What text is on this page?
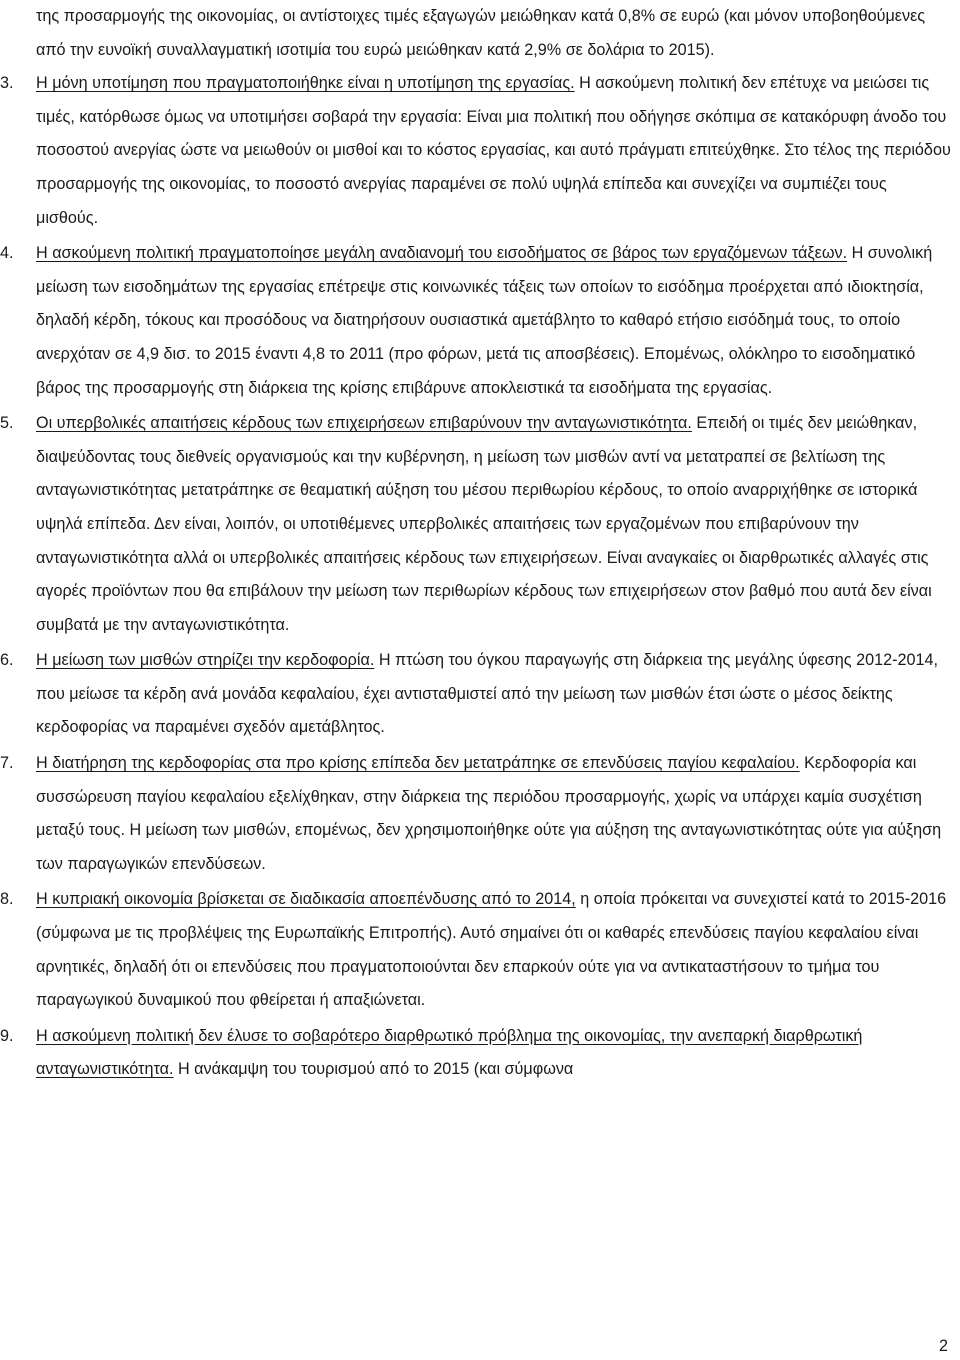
της προσαρμογής της οικονομίας, οι αντίστοιχες τιμές εξαγωγών μειώθηκαν κατά 0,8% σε ευρώ (και μόνον υποβοηθούμενες από την ευνοϊκή συναλλαγματική ισοτιμία του ευρώ μειώθηκαν κατά 2,9% σε δολάρια το 2015).

3.	Η μόνη υποτίμηση που πραγματοποιήθηκε είναι η υποτίμηση της εργασίας. Η ασκούμενη πολιτική δεν επέτυχε να μειώσει τις τιμές, κατόρθωσε όμως να υποτιμήσει σοβαρά την εργασία: Είναι μια πολιτική που οδήγησε σκόπιμα σε κατακόρυφη άνοδο του ποσοστού ανεργίας ώστε να μειωθούν οι μισθοί και το κόστος εργασίας, και αυτό πράγματι επιτεύχθηκε. Στο τέλος της περιόδου προσαρμογής της οικονομίας, το ποσοστό ανεργίας παραμένει σε πολύ υψηλά επίπεδα και συνεχίζει να συμπιέζει τους μισθούς.
4.	Η ασκούμενη πολιτική πραγματοποίησε μεγάλη αναδιανομή του εισοδήματος σε βάρος των εργαζόμενων τάξεων. Η συνολική μείωση των εισοδημάτων της εργασίας επέτρεψε στις κοινωνικές τάξεις των οποίων το εισόδημα προέρχεται από ιδιοκτησία, δηλαδή κέρδη, τόκους και προσόδους να διατηρήσουν ουσιαστικά αμετάβλητο το καθαρό ετήσιο εισόδημά τους, το οποίο ανερχόταν σε 4,9 δισ. το 2015 έναντι 4,8 το 2011 (προ φόρων, μετά τις αποσβέσεις). Επομένως, ολόκληρο το εισοδηματικό βάρος της προσαρμογής στη διάρκεια της κρίσης επιβάρυνε αποκλειστικά τα εισοδήματα της εργασίας.
5.	Οι υπερβολικές απαιτήσεις κέρδους των επιχειρήσεων επιβαρύνουν την ανταγωνιστικότητα. Επειδή οι τιμές δεν μειώθηκαν, διαψεύδοντας τους διεθνείς οργανισμούς και την κυβέρνηση, η μείωση των μισθών αντί να μετατραπεί σε βελτίωση της ανταγωνιστικότητας μετατράπηκε σε θεαματική αύξηση του μέσου περιθωρίου κέρδους, το οποίο αναρριχήθηκε σε ιστορικά υψηλά επίπεδα. Δεν είναι, λοιπόν, οι υποτιθέμενες υπερβολικές απαιτήσεις των εργαζομένων που επιβαρύνουν την ανταγωνιστικότητα αλλά οι υπερβολικές απαιτήσεις κέρδους των επιχειρήσεων. Είναι αναγκαίες οι διαρθρωτικές αλλαγές στις αγορές προϊόντων που θα επιβάλουν την μείωση των περιθωρίων κέρδους των επιχειρήσεων στον βαθμό που αυτά δεν είναι συμβατά με την ανταγωνιστικότητα.
6.	Η μείωση των μισθών στηρίζει την κερδοφορία. Η πτώση του όγκου παραγωγής στη διάρκεια της μεγάλης ύφεσης 2012-2014, που μείωσε τα κέρδη ανά μονάδα κεφαλαίου, έχει αντισταθμιστεί από την μείωση των μισθών έτσι ώστε ο μέσος δείκτης κερδοφορίας να παραμένει σχεδόν αμετάβλητος.
7.	Η διατήρηση της κερδοφορίας στα προ κρίσης επίπεδα δεν μετατράπηκε σε επενδύσεις παγίου κεφαλαίου. Κερδοφορία και συσσώρευση παγίου κεφαλαίου εξελίχθηκαν, στην διάρκεια της περιόδου προσαρμογής, χωρίς να υπάρχει καμία συσχέτιση μεταξύ τους. Η μείωση των μισθών, επομένως, δεν χρησιμοποιήθηκε ούτε για αύξηση της ανταγωνιστικότητας ούτε για αύξηση των παραγωγικών επενδύσεων.
8.	Η κυπριακή οικονομία βρίσκεται σε διαδικασία αποεπένδυσης από το 2014, η οποία πρόκειται να συνεχιστεί κατά το 2015-2016 (σύμφωνα με τις προβλέψεις της Ευρωπαϊκής Επιτροπής). Αυτό σημαίνει ότι οι καθαρές επενδύσεις παγίου κεφαλαίου είναι αρνητικές, δηλαδή ότι οι επενδύσεις που πραγματοποιούνται δεν επαρκούν ούτε για να αντικαταστήσουν το τμήμα του παραγωγικού δυναμικού που φθείρεται ή απαξιώνεται.
9.	Η ασκούμενη πολιτική δεν έλυσε το σοβαρότερο διαρθρωτικό πρόβλημα της οικονομίας, την ανεπαρκή διαρθρωτική ανταγωνιστικότητα. Η ανάκαμψη του τουρισμού από το 2015 (και σύμφωνα
2
